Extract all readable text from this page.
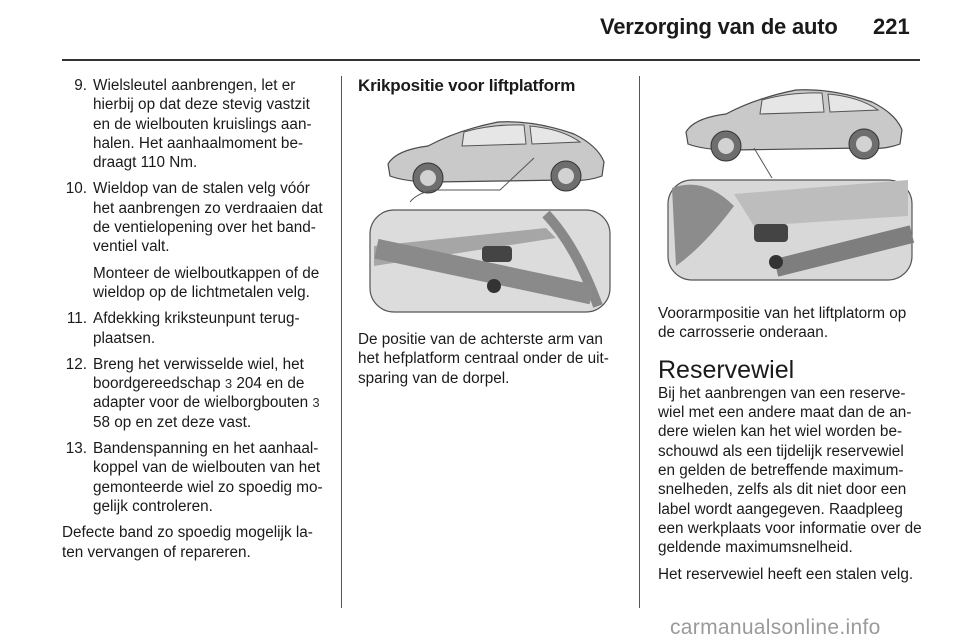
Verzorging van de auto 221
9. Wielsleutel aanbrengen, let er hierbij op dat deze stevig vastzit en de wielbouten kruislings aan-halen. Het aanhaalmoment be-draagt 110 Nm.
10. Wieldop van de stalen velg vóór het aanbrengen zo verdraaien dat de ventielopening over het band-ventiel valt.
Monteer de wielboutkappen of de wieldop op de lichtmetalen velg.
11. Afdekking kriksteunpunt terug-plaatsen.
12. Breng het verwisselde wiel, het boordgereedschap 3 204 en de adapter voor de wielborgbouten 3 58 op en zet deze vast.
13. Bandenspanning en het aanhaal-koppel van de wielbouten van het gemonteerde wiel zo spoedig mo-gelijk controleren.

Defecte band zo spoedig mogelijk la-ten vervangen of repareren.

Krikpositie voor liftplatform
De positie van de achterste arm van het hefplatform centraal onder de uit-sparing van de dorpel.

Voorarmpositie van het liftplatorm op de carrosserie onderaan.

Reservewiel

Bij het aanbrengen van een reserve-wiel met een andere maat dan de an-dere wielen kan het wiel worden be-schouwd als een tijdelijk reservewiel en gelden de betreffende maximum-snelheden, zelfs als dit niet door een label wordt aangegeven. Raadpleeg een werkplaats voor informatie over de geldende maximumsnelheid.

Het reservewiel heeft een stalen velg.

carmanualsonline.info
